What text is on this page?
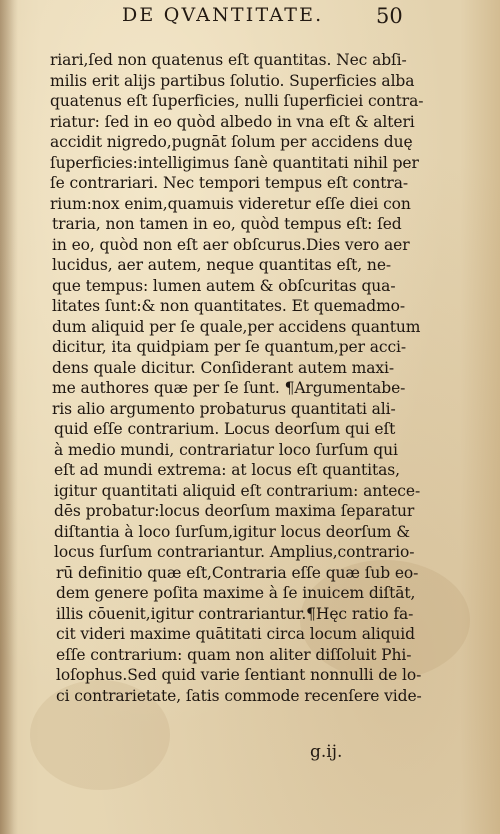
DE QVANTITATE.	50
riari,ſed non quatenus eſt quantitas. Nec abſi-
milis erit alijs partibus ſolutio. Superficies alba
quatenus eſt ſuperficies, nulli ſuperficiei contra-
riatur: ſed in eo quòd albedo in vna eſt & alteri
accidit nigredo,pugnāt ſolum per accidens duę
ſuperficies:intelligimus ſanè quantitati nihil per
ſe contrariari. Nec tempori tempus eſt contra-
rium:nox enim,quamuis videretur eſſe diei con
traria, non tamen in eo, quòd tempus eſt: ſed
in eo, quòd non eſt aer obſcurus.Dies vero aer
lucidus, aer autem, neque quantitas eſt, ne-
que tempus: lumen autem & obſcuritas qua-
litates ſunt:& non quantitates. Et quemadmo-
dum aliquid per ſe quale,per accidens quantum
dicitur, ita quidpiam per ſe quantum,per acci-
dens quale dicitur. Conſiderant autem maxi-
me authores quæ per ſe ſunt. ¶Argumentabe-
ris alio argumento probaturus quantitati ali-
quid eſſe contrarium. Locus deorſum qui eſt
à medio mundi, contrariatur loco ſurſum qui
eſt ad mundi extrema: at locus eſt quantitas,
igitur quantitati aliquid eſt contrarium: antece-
dēs probatur:locus deorſum maxima ſeparatur
diſtantia à loco ſurſum,igitur locus deorſum &
locus ſurſum contrariantur. Amplius,contrario-
rū definitio quæ eſt,Contraria eſſe quæ ſub eo-
dem genere poſita maxime à ſe inuicem diſtāt,
illis cōuenit,igitur contrariantur.¶Hęc ratio fa-
cit videri maxime quātitati circa locum aliquid
eſſe contrarium: quam non aliter diſſoluit Phi-
loſophus.Sed quid varie ſentiant nonnulli de lo-
ci contrarietate, ſatis commode recenſere vide-
g.ij.
